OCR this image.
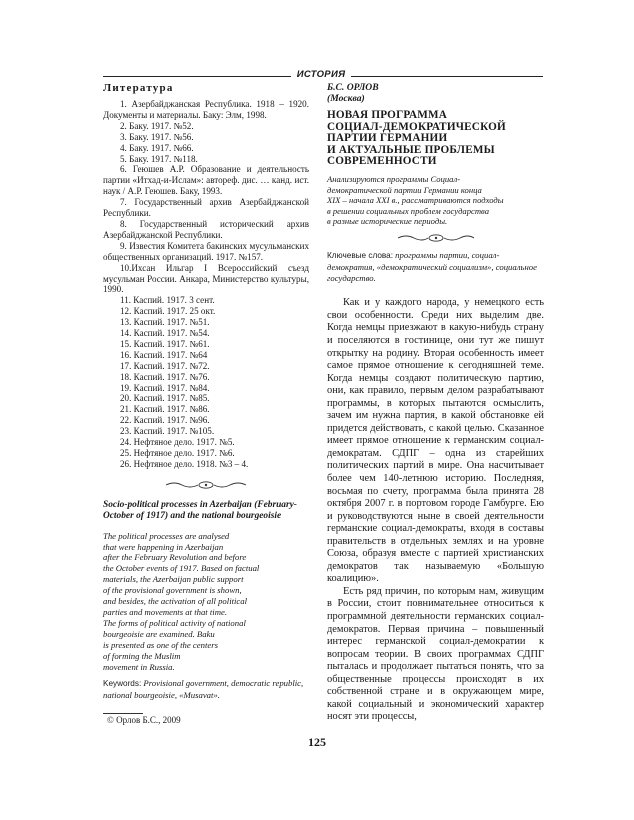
ИСТОРИЯ
Литература
1. Азербайджанская Республика. 1918 – 1920. Документы и материалы. Баку: Элм, 1998.
2. Баку. 1917. №52.
3. Баку. 1917. №56.
4. Баку. 1917. №66.
5. Баку. 1917. №118.
6. Геюшев А.Р. Образование и деятельность партии «Итхад-и-Ислам»: автореф. дис. … канд. ист. наук / А.Р. Геюшев. Баку, 1993.
7. Государственный архив Азербайджанской Республики.
8. Государственный исторический архив Азербайджанской Республики.
9. Известия Комитета бакинских мусульманских общественных организаций. 1917. №157.
10.Ихсан Ильгар I Всероссийский съезд мусульман России. Анкара, Министерство культуры, 1990.
11. Каспий. 1917. 3 сент.
12. Каспий. 1917. 25 окт.
13. Каспий. 1917. №51.
14. Каспий. 1917. №54.
15. Каспий. 1917. №61.
16. Каспий. 1917. №64
17. Каспий. 1917. №72.
18. Каспий. 1917. №76.
19. Каспий. 1917. №84.
20. Каспий. 1917. №85.
21. Каспий. 1917. №86.
22. Каспий. 1917. №96.
23. Каспий. 1917. №105.
24. Нефтяное дело. 1917. №5.
25. Нефтяное дело. 1917. №6.
26. Нефтяное дело. 1918. №3 – 4.
Socio-political processes in Azerbaijan (February-October of 1917) and the national bourgeoisie

The political processes are analysed

that were happening in Azerbaijan

after the February Revolution and before

the October events of 1917. Based on factual

materials, the Azerbaijan public support

of the provisional government is shown,

and besides, the activation of all political

parties and movements at that time.

The forms of political activity of national

bourgeoisie are examined. Baku

is presented as one of the centers

of forming the Muslim

movement in Russia.

Keywords: Provisional government, democratic republic, national bourgeoisie, «Musavat».

Б.С. ОРЛОВ

(Москва)

НОВАЯ ПРОГРАММА

СОЦИАЛ-ДЕМОКРАТИЧЕСКОЙ

ПАРТИИ ГЕРМАНИИ

И АКТУАЛЬНЫЕ ПРОБЛЕМЫ

СОВРЕМЕННОСТИ

Анализируются программы Социал-

демократической партии Германии конца

XIX – начала XXI в., рассматриваются подходы

в решении социальных проблем государства

в разные исторические периоды.

Ключевые слова: программы партии, социал-демократия, «демократический социализм», социальное государство.

Как и у каждого народа, у немецкого есть свои особенности. Среди них выделим две. Когда немцы приезжают в какую-нибудь страну и поселяются в гостинице, они тут же пишут открытку на родину. Вторая особенность имеет самое прямое отношение к сегодняшней теме. Когда немцы создают политическую партию, они, как правило, первым делом разрабатывают программы, в которых пытаются осмыслить, зачем им нужна партия, в какой обстановке ей придется действовать, с какой целью. Сказанное имеет прямое отношение к германским социал-демократам. СДПГ – одна из старейших политических партий в мире. Она насчитывает более чем 140-летнюю историю. Последняя, восьмая по счету, программа была принята 28 октября 2007 г. в портовом городе Гамбурге. Ею и руководствуются ныне в своей деятельности германские социал-демократы, входя в составы правительств в отдельных землях и на уровне Союза, образуя вместе с партией христианских демократов так называемую «Большую коалицию».

Есть ряд причин, по которым нам, живущим в России, стоит повнимательнее относиться к программной деятельности германских социал-демократов. Первая причина – повышенный интерес германской социал-демократии к вопросам теории. В своих программах СДПГ пыталась и продолжает пытаться понять, что за общественные процессы происходят в их собственной стране и в окружающем мире, какой социальный и экономический характер носят эти процессы,

© Орлов Б.С., 2009
125
